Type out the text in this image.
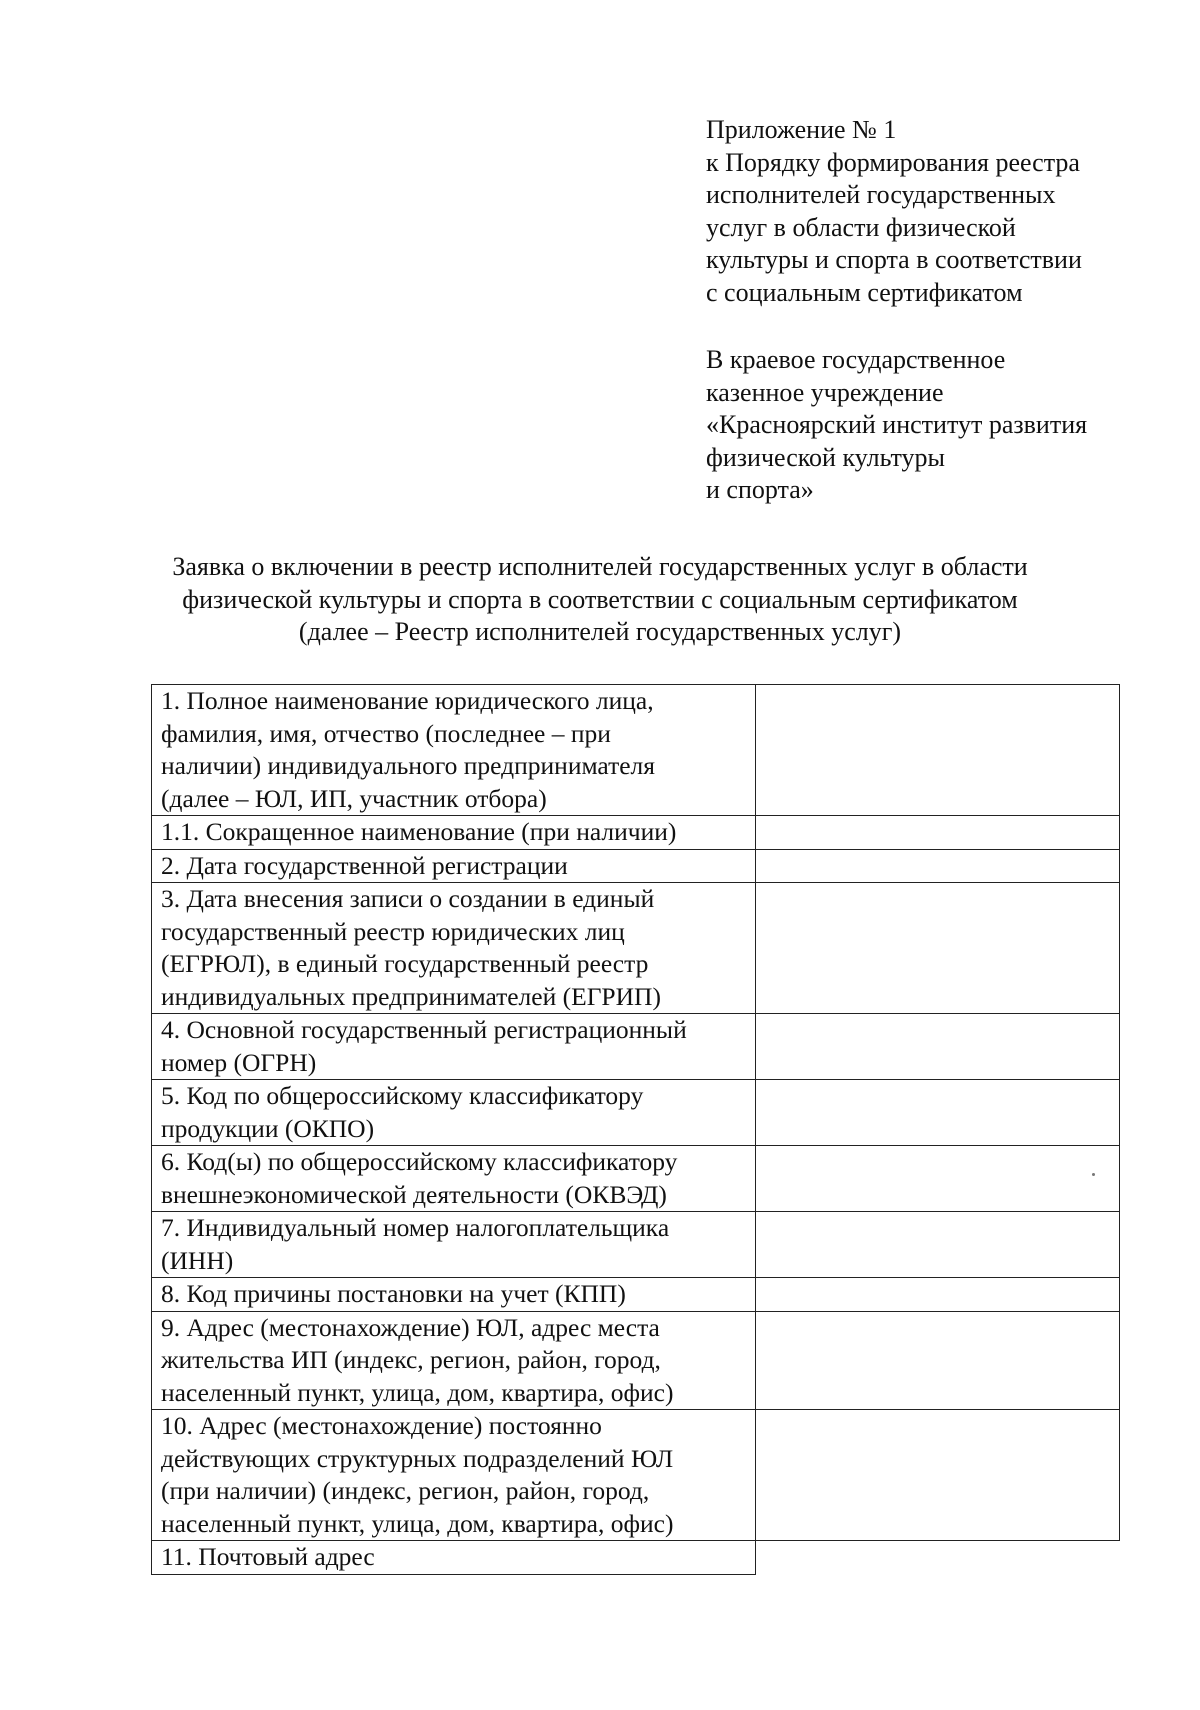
Приложение № 1
к Порядку формирования реестра
исполнителей государственных
услуг в области физической
культуры и спорта в соответствии
с социальным сертификатом
В краевое государственное
казенное учреждение
«Красноярский институт развития
физической культуры
и спорта»
Заявка о включении в реестр исполнителей государственных услуг в области
физической культуры и спорта в соответствии с социальным сертификатом
(далее – Реестр исполнителей государственных услуг)
1. Полное наименование юридического лица,
фамилия, имя, отчество (последнее – при
наличии) индивидуального предпринимателя
(далее – ЮЛ, ИП, участник отбора)	

1.1. Сокращенное наименование (при наличии)	

2. Дата государственной регистрации	

3. Дата внесения записи о создании в единый
государственный реестр юридических лиц
(ЕГРЮЛ), в единый государственный реестр
индивидуальных предпринимателей (ЕГРИП)	

4. Основной государственный регистрационный
номер (ОГРН)	

5. Код по общероссийскому классификатору
продукции (ОКПО)	

6. Код(ы) по общероссийскому классификатору
внешнеэкономической деятельности (ОКВЭД)	

7. Индивидуальный номер налогоплательщика
(ИНН)	

8. Код причины постановки на учет (КПП)	

9. Адрес (местонахождение) ЮЛ, адрес места
жительства ИП (индекс, регион, район, город,
населенный пункт, улица, дом, квартира, офис)	

10. Адрес (местонахождение) постоянно
действующих структурных подразделений ЮЛ
(при наличии) (индекс, регион, район, город,
населенный пункт, улица, дом, квартира, офис)	

11. Почтовый адрес	
